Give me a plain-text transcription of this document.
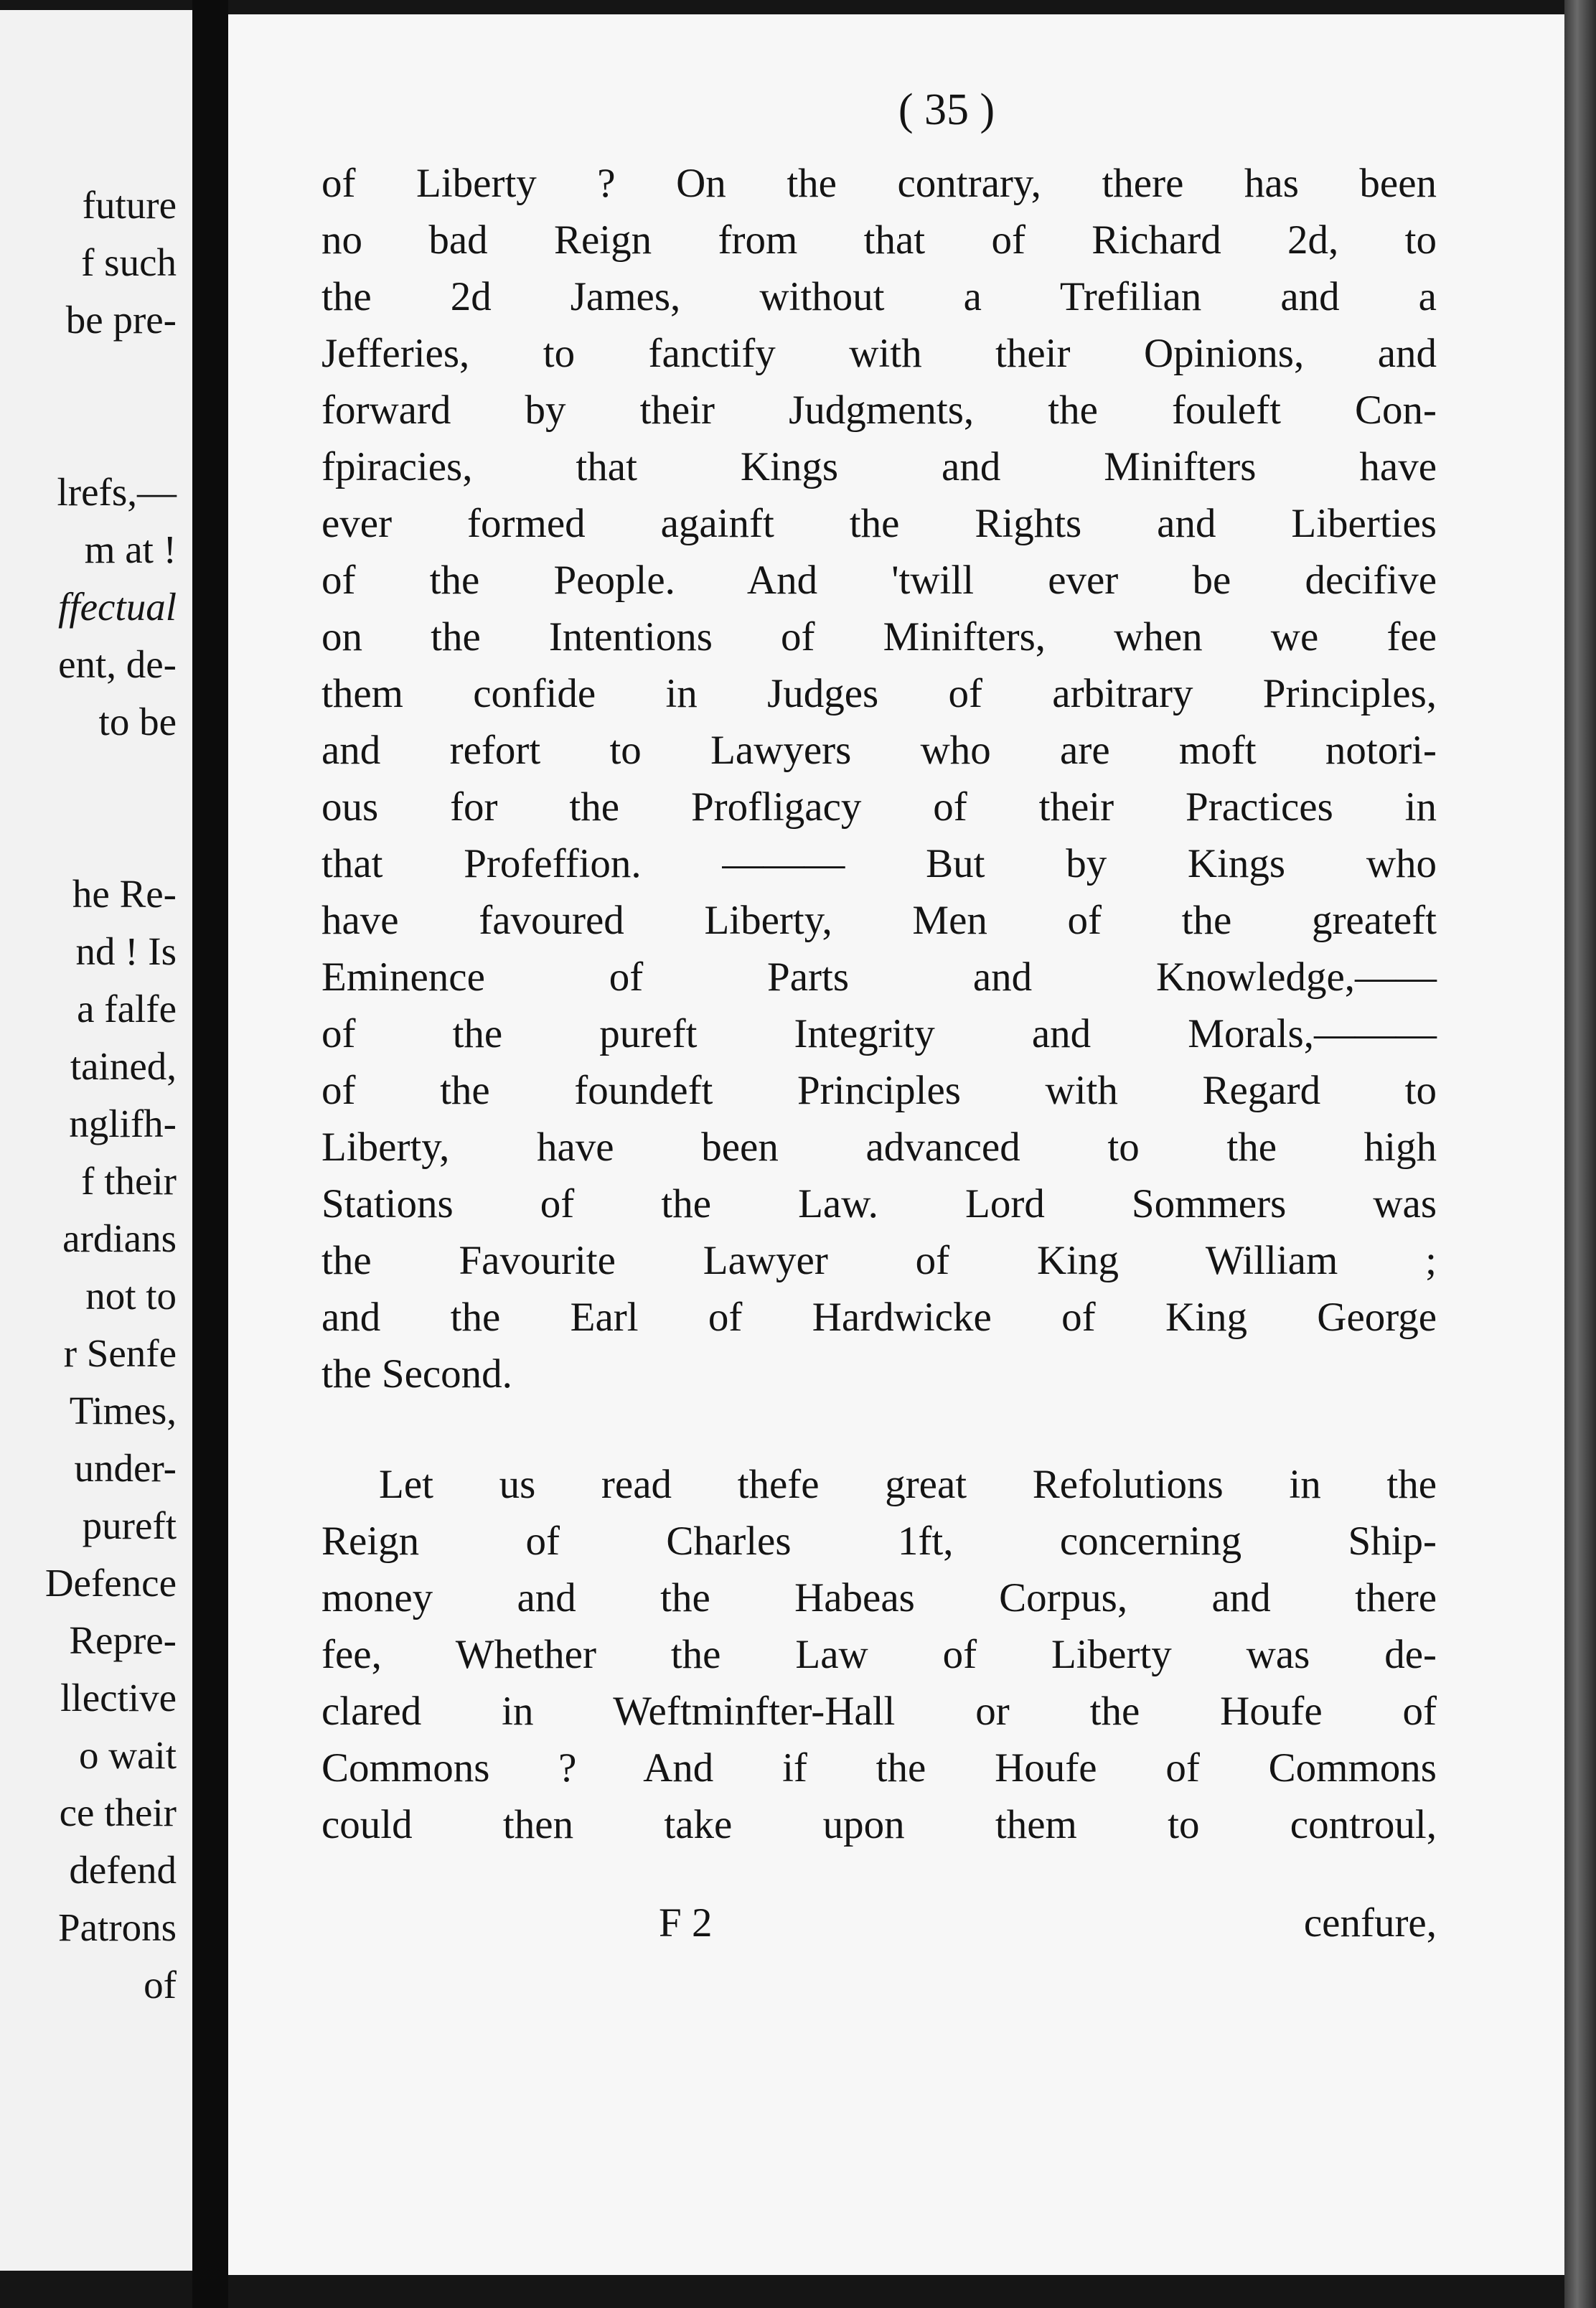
future

f such

be pre-

lrefs,—

m at !

ffectual

ent, de-

to be

he Re-

nd ! Is

a falfe

tained,

nglifh-

f their

ardians

not to

r Senfe

Times,

under-

pureft

Defence

Repre-

llective

o wait

ce their

defend

Patrons

of

( 35 )

of Liberty ? On the contrary, there has been

no bad Reign from that of Richard 2d, to

the 2d James, without a Trefilian and a

Jefferies, to fanctify with their Opinions, and

forward by their Judgments, the fouleft Con-

fpiracies, that Kings and Minifters have

ever formed againft the Rights and Liberties

of the People. And 'twill ever be decifive

on the Intentions of Minifters, when we fee

them confide in Judges of arbitrary Principles,

and refort to Lawyers who are moft notori-

ous for the Profligacy of their Practices in

that Profeffion. ——— But by Kings who

have favoured Liberty, Men of the greateft

Eminence of Parts and Knowledge,——

of the pureft Integrity and Morals,———

of the foundeft Principles with Regard to

Liberty, have been advanced to the high

Stations of the Law. Lord Sommers was

the Favourite Lawyer of King William ;

and the Earl of Hardwicke of King George

the Second.

Let us read thefe great Refolutions in the

Reign of Charles 1ft, concerning Ship-

money and the Habeas Corpus, and there

fee, Whether the Law of Liberty was de-

clared in Weftminfter-Hall or the Houfe of

Commons ? And if the Houfe of Commons

could then take upon them to controul,

F 2	cenfure,
